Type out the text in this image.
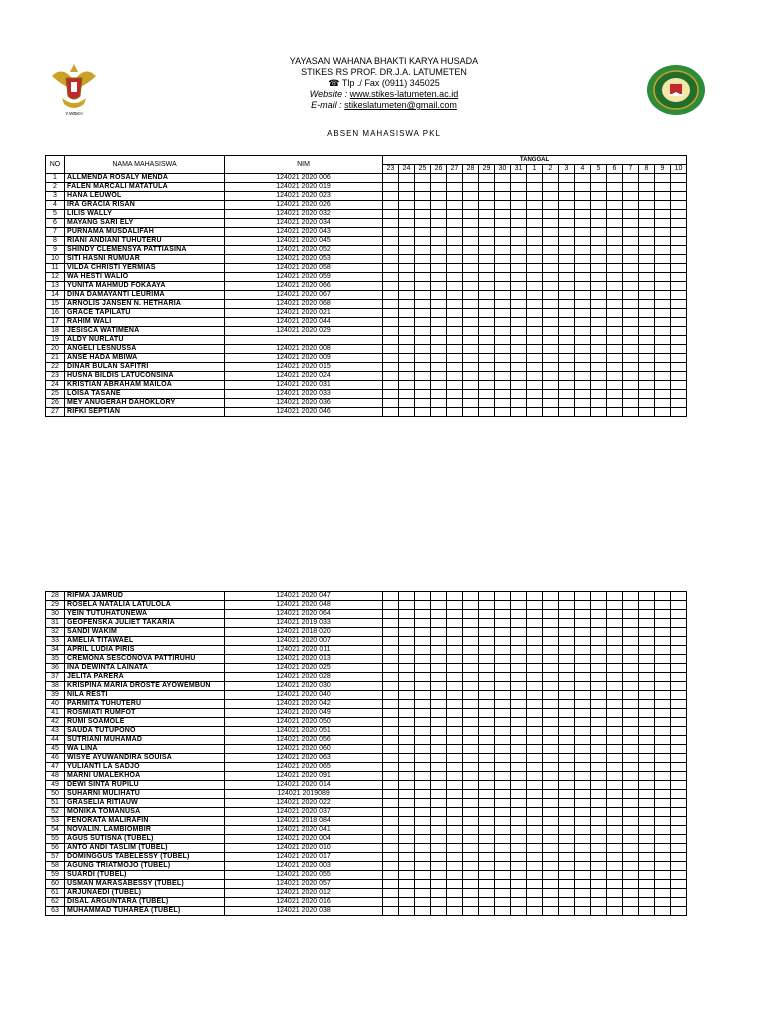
Y.WBKH
YAYASAN WAHANA BHAKTI KARYA HUSADA
STIKES RS PROF. DR.J.A. LATUMETEN
☎ Tlp ./ Fax (0911) 345025
Website : www.stikes-latumeten.ac.id
E-mail : stikeslatumeten@gmail.com
ABSEN MAHASISWA PKL
NO	NAMA MAHASISWA	NIM	TANGGAL																		
			23	24	25	26	27	28	29	30	31	1	2	3	4	5	6	7	8	9	10
1	ALLMENDA ROSALY MENDA	124021 2020 006																			
2	FALEN MARCALI MATATULA	124021 2020 019																			
3	HANA LEUWOL	124021 2020 023																			
4	IRA GRACIA RISAN	124021 2020 026																			
5	LILIS WALLY	124021 2020 032																			
6	MAYANG SARI ELY	124021 2020 034																			
7	PURNAMA MUSDALIFAH	124021 2020 043																			
8	RIANI ANDIANI TUHUTERU	124021 2020 045																			
9	SHINDY CLEMENSYA PATTIASINA	124021 2020 052																			
10	SITI HASNI RUMUAR	124021 2020 053																			
11	VILDA CHRISTI YERMIAS	124021 2020 058																			
12	WA HESTI WALIO	124021 2020 059																			
13	YUNITA MAHMUD FOKAAYA	124021 2020 066																			
14	DINA DAMAYANTI LEURIMA	124021 2020 067																			
15	ARNOLIS JANSEN N. HETHARIA	124021 2020 068																			
16	GRACE TAPILATU	124021 2020 021																			
17	RAHIM WALI	124021 2020 044																			
18	JESISCA WATIMENA	124021 2020 029																			
19	ALDY NURLATU																				
20	ANGELI LESNUSSA	124021 2020 008																			
21	ANSE HADA MBIWA	124021 2020 009																			
22	DINAR BULAN SAFITRI	124021 2020 015																			
23	HUSNA BILDIS LATUCONSINA	124021 2020 024																			
24	KRISTIAN ABRAHAM MAILOA	124021 2020 031																			
25	LOISA TASANE	124021 2020 033																			
26	MEY ANUGERAH DAHOKLORY	124021 2020 036																			
27	RIFKI SEPTIAN	124021 2020 046																			
28	RIFMA JAMRUD	124021 2020 047																			
29	ROSELA NATALIA LATULOLA	124021 2020 048																			
30	YEIN TUTUHATUNEWA	124021 2020 064																			
31	GEOFENSKA JULIET TAKARIA	124021 2019 033																			
32	SANDI WAKIM	124021 2018 020																			
33	AMELIA TITAWAEL	124021 2020 007																			
34	APRIL LUDIA PIRIS	124021 2020 011																			
35	CREMONA SESCONOVA PATTIRUHU	124021 2020 013																			
36	INA DEWINTA LAINATA	124021 2020 025																			
37	JELITA PARERA	124021 2020 028																			
38	KRISPINA MARIA DROSTE AYOWEMBUN	124021 2020 030																			
39	NILA RESTI	124021 2020 040																			
40	PARMITA TUHUTERU	124021 2020 042																			
41	ROSMIATI RUMFOT	124021 2020 049																			
42	RUMI SOAMOLE	124021 2020 050																			
43	SAUDA TUTUPONO	124021 2020 051																			
44	SUTRIANI MUHAMAD	124021 2020 056																			
45	WA LINA	124021 2020 060																			
46	WISYE AYUWANDIRA SOUISA	124021 2020 063																			
47	YULIANTI LA SADJO	124021 2020 065																			
48	MARNI UMALEKHOA	124021 2020 091																			
49	DEWI SINTA RUPILU	124021 2020 014																			
50	SUHARNI MULIHATU	124021 2019089																			
51	GRASELIA RITIAUW	124021 2020 022																			
52	MONIKA TOMANUSA	124021 2020 037																			
53	FENORATA MALIRAFIN	124021 2018 084																			
54	NOVALIN. LAMBIOMBIR	124021 2020 041																			
55	AGUS SUTISNA (TUBEL)	124021 2020 004																			
56	ANTO ANDI TASLIM (TUBEL)	124021 2020 010																			
57	DOMINGGUS TABELESSY (TUBEL)	124021 2020 017																			
58	AGUNG TRIATMOJO (TUBEL)	124021 2020 003																			
59	SUARDI (TUBEL)	124021 2020 055																			
60	USMAN MARASABESSY (TUBEL)	124021 2020 057																			
61	ARJUNAEDI (TUBEL)	124021 2020 012																			
62	DISAL ARGUNTARA (TUBEL)	124021 2020 016																			
63	MUHAMMAD TUHAREA (TUBEL)	124021 2020 038																			
